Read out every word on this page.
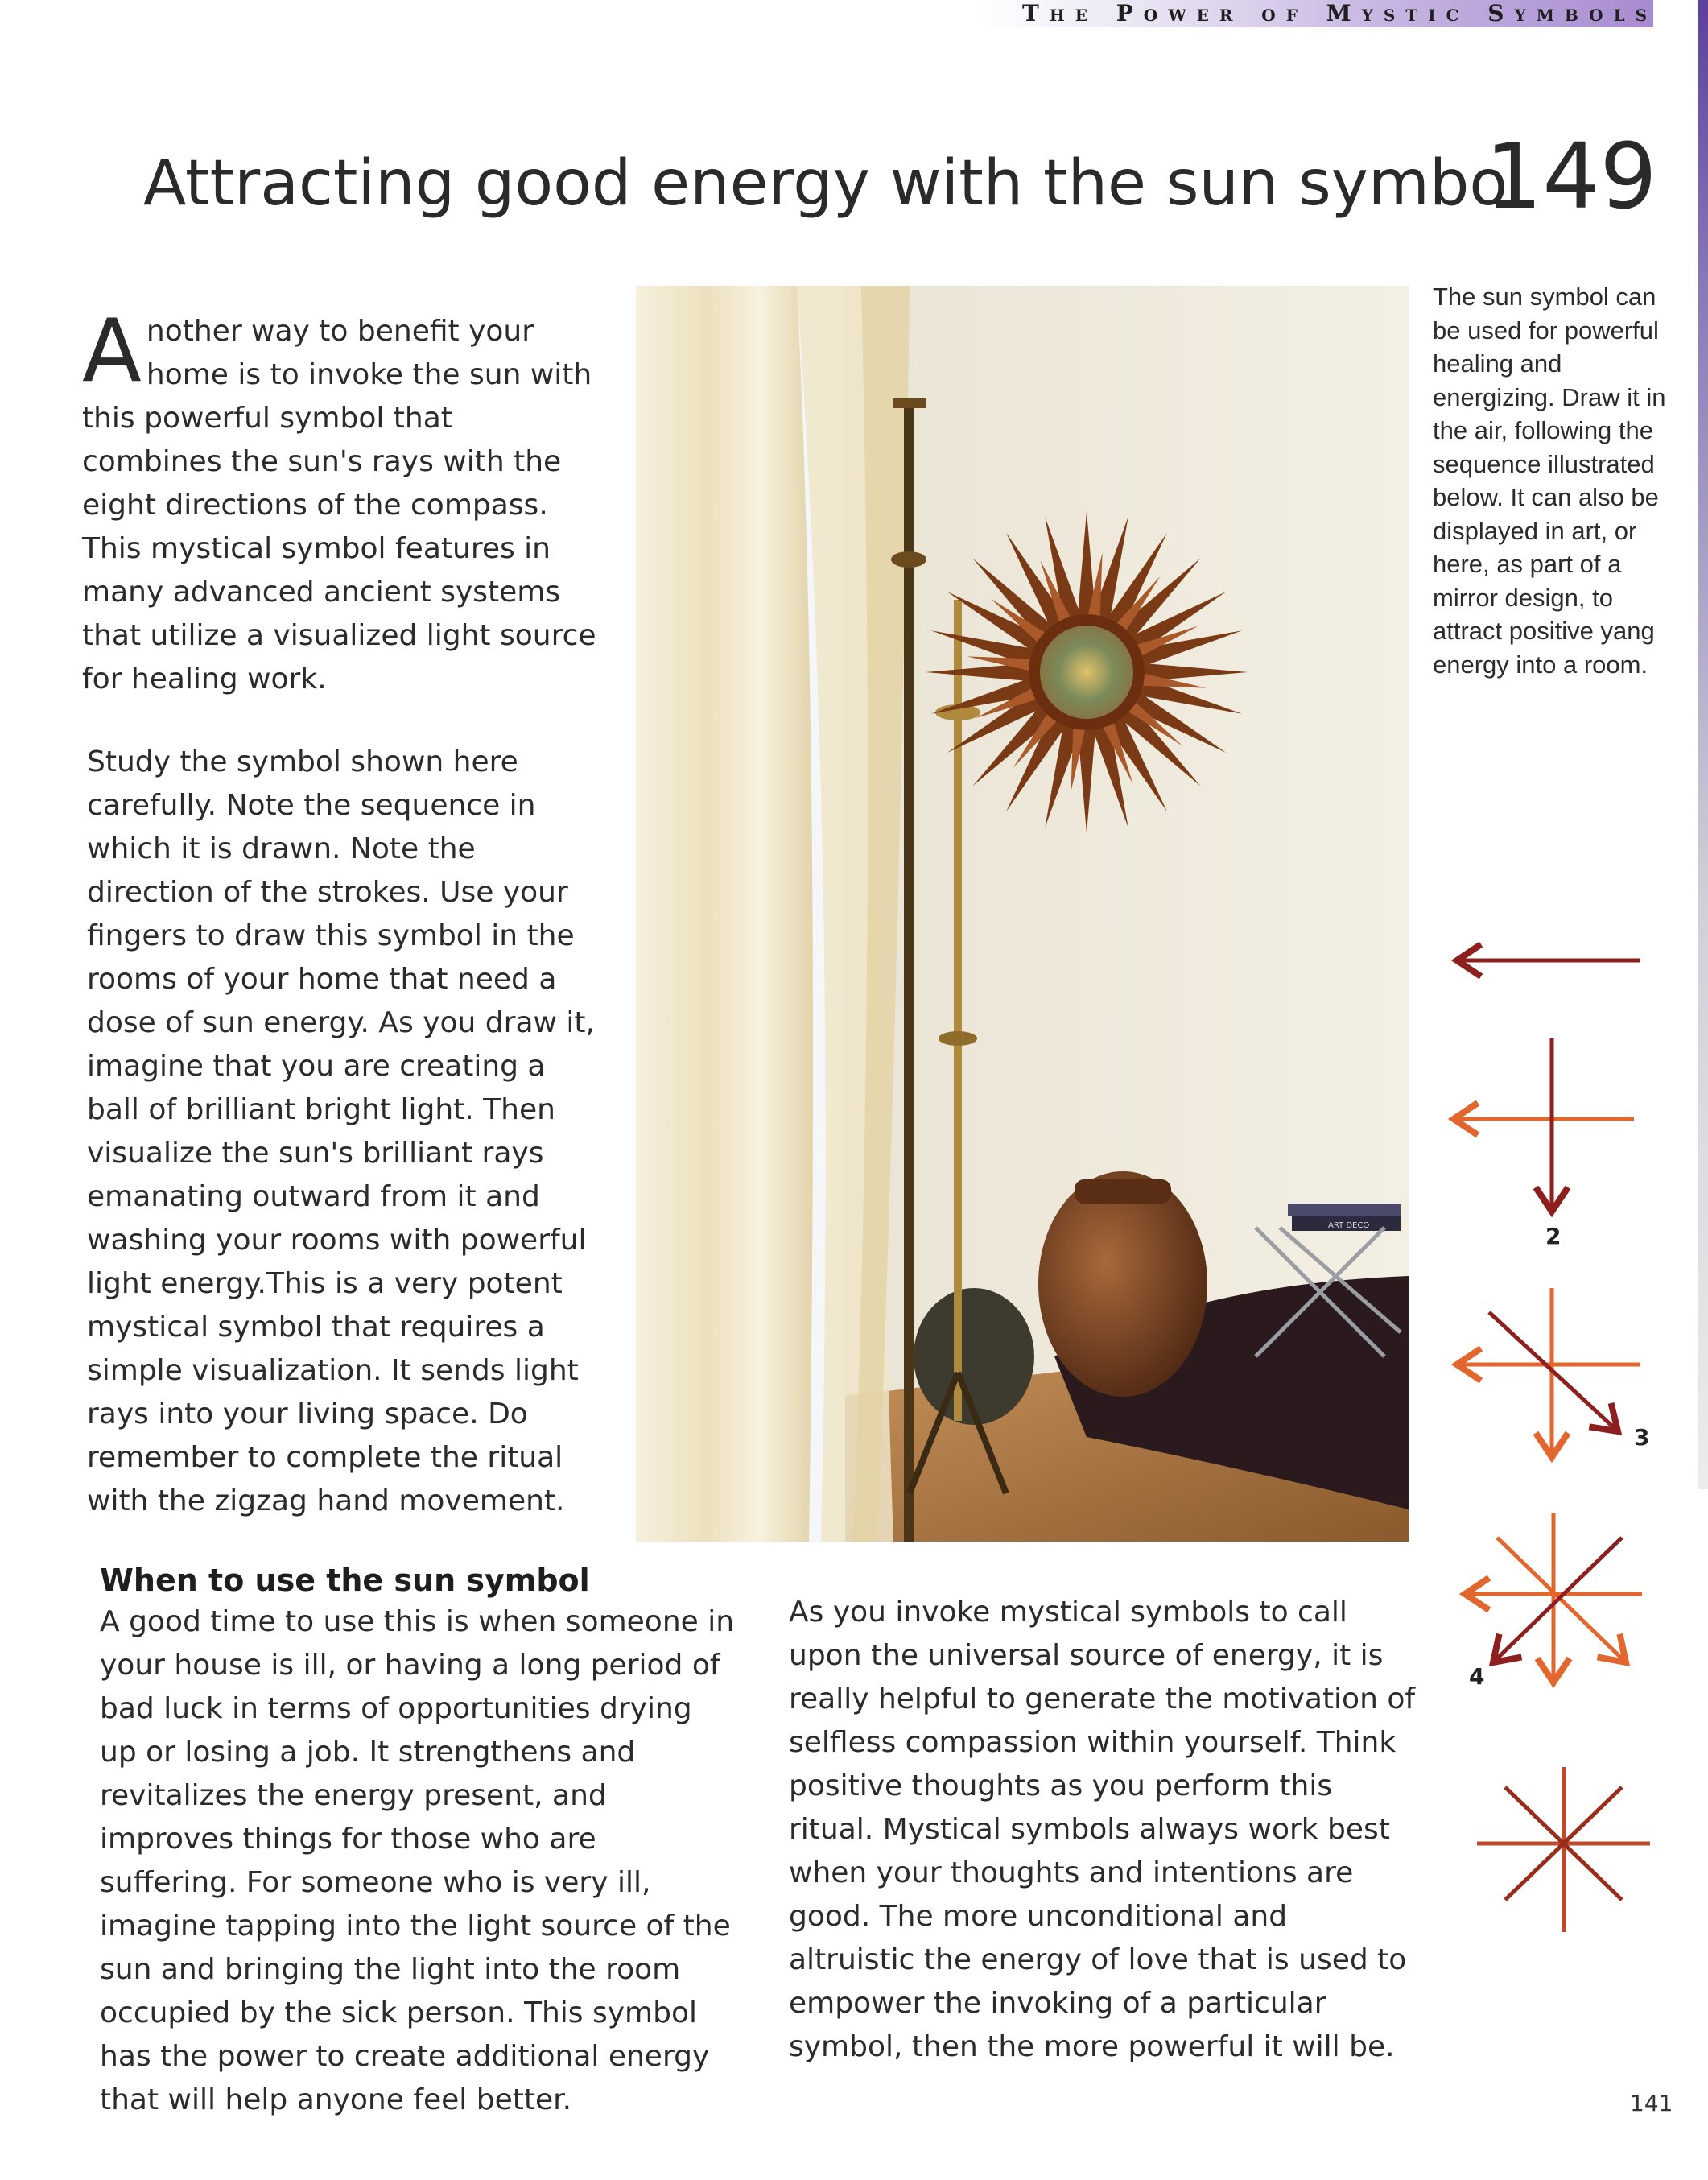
The Power of Mystic Symbols
Attracting good energy with the sun symbol
149

Another way to benefit your home is to invoke the sun with this powerful symbol that combines the sun's rays with the eight directions of the compass. This mystical symbol features in many advanced ancient systems that utilize a visualized light source for healing work.

Study the symbol shown here carefully. Note the sequence in which it is drawn. Note the direction of the strokes. Use your fingers to draw this symbol in the rooms of your home that need a dose of sun energy. As you draw it, imagine that you are creating a ball of brilliant bright light. Then visualize the sun's brilliant rays emanating outward from it and washing your rooms with powerful light energy.This is a very potent mystical symbol that requires a simple visualization. It sends light rays into your living space. Do remember to complete the ritual with the zigzag hand movement.

When to use the sun symbol

A good time to use this is when someone in your house is ill, or having a long period of bad luck in terms of opportunities drying up or losing a job. It strengthens and revitalizes the energy present, and improves things for those who are suffering. For someone who is very ill, imagine tapping into the light source of the sun and bringing the light into the room occupied by the sick person. This symbol has the power to create additional energy that will help anyone feel better.

As you invoke mystical symbols to call upon the universal source of energy, it is really helpful to generate the motivation of selfless compassion within yourself. Think positive thoughts as you perform this ritual. Mystical symbols always work best when your thoughts and intentions are good. The more unconditional and altruistic the energy of love that is used to empower the invoking of a particular symbol, then the more powerful it will be.

ART DECO

The sun symbol can be used for powerful healing and energizing. Draw it in the air, following the sequence illustrated below. It can also be displayed in art, or here, as part of a mirror design, to attract positive yang energy into a room.

2
3
4
141
